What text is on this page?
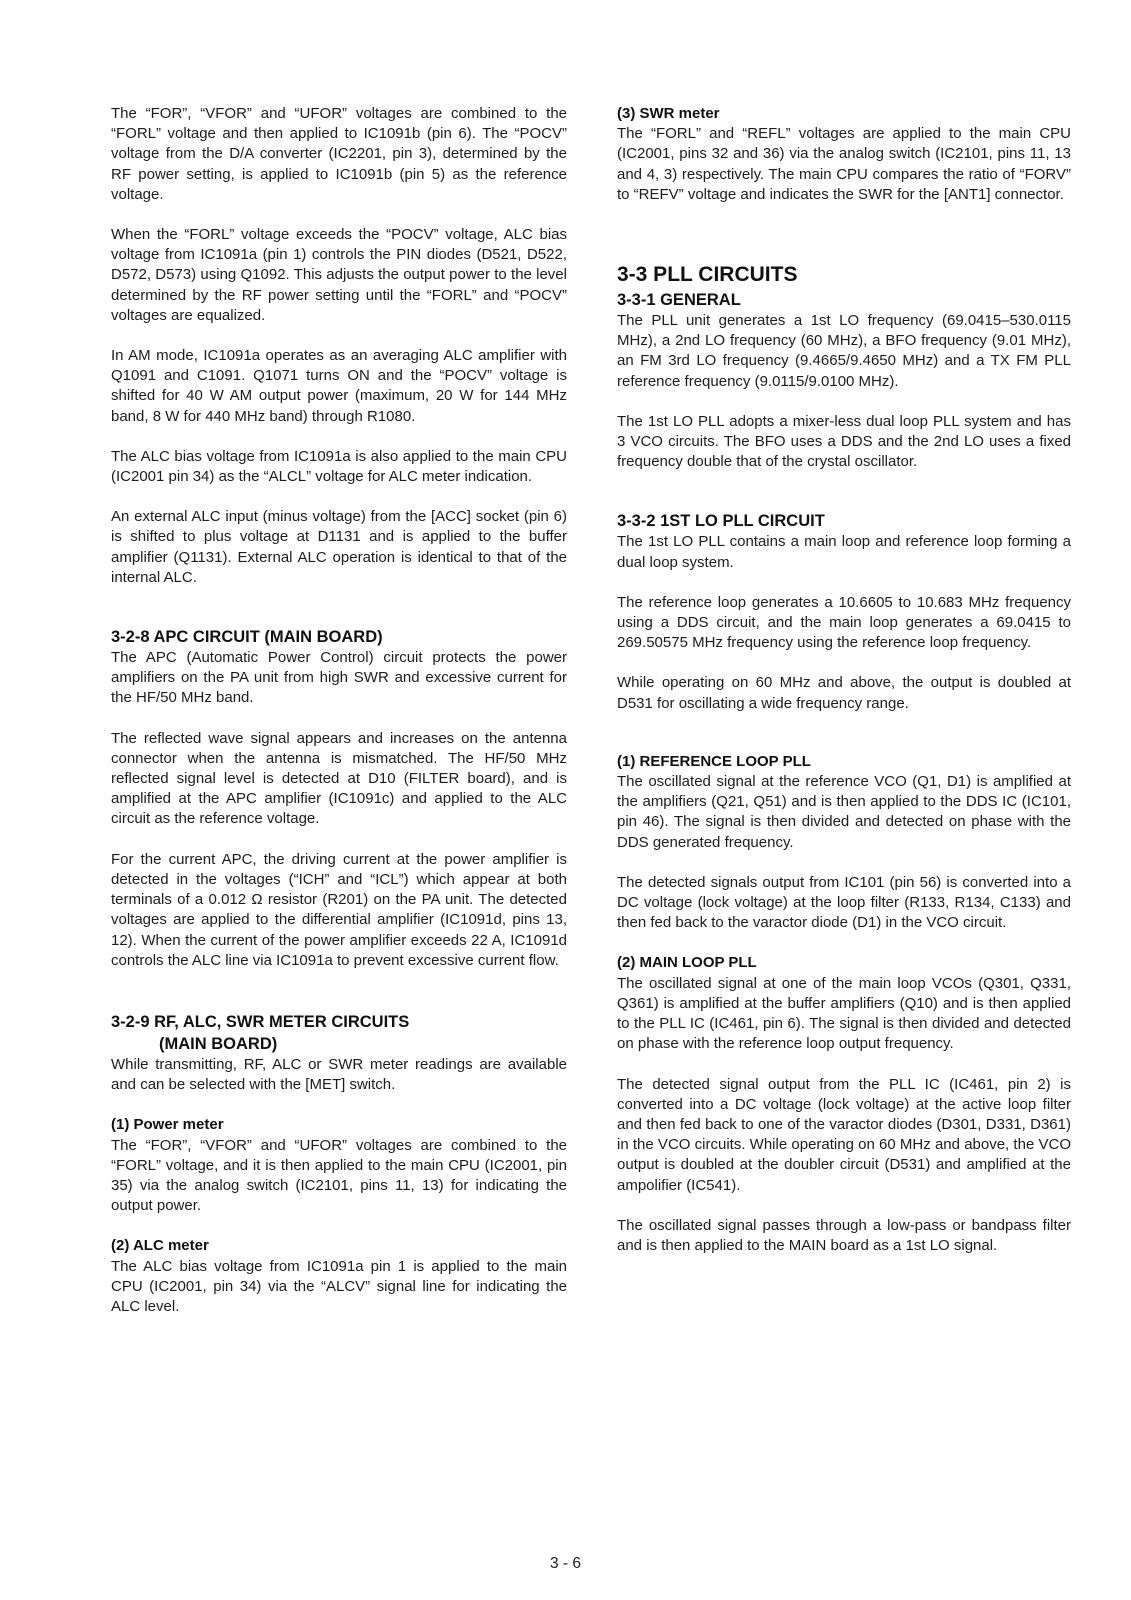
The “FOR”, “VFOR” and “UFOR” voltages are combined to the “FORL” voltage and then applied to IC1091b (pin 6). The “POCV” voltage from the D/A converter (IC2201, pin 3), determined by the RF power setting, is applied to IC1091b (pin 5) as the reference voltage.

When the “FORL” voltage exceeds the “POCV” voltage, ALC bias voltage from IC1091a (pin 1) controls the PIN diodes (D521, D522, D572, D573) using Q1092. This adjusts the output power to the level determined by the RF power setting until the “FORL” and “POCV” voltages are equalized.

In AM mode, IC1091a operates as an averaging ALC amplifier with Q1091 and C1091. Q1071 turns ON and the “POCV” voltage is shifted for 40 W AM output power (maximum, 20 W for 144 MHz band, 8 W for 440 MHz band) through R1080.

The ALC bias voltage from IC1091a is also applied to the main CPU (IC2001 pin 34) as the “ALCL” voltage for ALC meter indication.

An external ALC input (minus voltage) from the [ACC] socket (pin 6) is shifted to plus voltage at D1131 and is applied to the buffer amplifier (Q1131). External ALC operation is identical to that of the internal ALC.

3-2-8 APC CIRCUIT (MAIN BOARD)

The APC (Automatic Power Control) circuit protects the power amplifiers on the PA unit from high SWR and excessive current for the HF/50 MHz band.

The reflected wave signal appears and increases on the antenna connector when the antenna is mismatched. The HF/50 MHz reflected signal level is detected at D10 (FILTER board), and is amplified at the APC amplifier (IC1091c) and applied to the ALC circuit as the reference voltage.

For the current APC, the driving current at the power amplifier is detected in the voltages (“ICH” and “ICL”) which appear at both terminals of a 0.012 Ω resistor (R201) on the PA unit. The detected voltages are applied to the differential amplifier (IC1091d, pins 13, 12). When the current of the power amplifier exceeds 22 A, IC1091d controls the ALC line via IC1091a to prevent excessive current flow.

3-2-9 RF, ALC, SWR METER CIRCUITS
(MAIN BOARD)

While transmitting, RF, ALC or SWR meter readings are available and can be selected with the [MET] switch.

(1) Power meter

The “FOR”, “VFOR” and “UFOR” voltages are combined to the “FORL” voltage, and it is then applied to the main CPU (IC2001, pin 35) via the analog switch (IC2101, pins 11, 13) for indicating the output power.

(2) ALC meter

The ALC bias voltage from IC1091a pin 1 is applied to the main CPU (IC2001, pin 34) via the “ALCV” signal line for indicating the ALC level.

(3) SWR meter

The “FORL” and “REFL” voltages are applied to the main CPU (IC2001, pins 32 and 36) via the analog switch (IC2101, pins 11, 13 and 4, 3) respectively. The main CPU compares the ratio of “FORV” to “REFV” voltage and indicates the SWR for the [ANT1] connector.

3-3 PLL CIRCUITS
3-3-1 GENERAL

The PLL unit generates a 1st LO frequency (69.0415–530.0115 MHz), a 2nd LO frequency (60 MHz), a BFO frequency (9.01 MHz), an FM 3rd LO frequency (9.4665/9.4650 MHz) and a TX FM PLL reference frequency (9.0115/9.0100 MHz).

The 1st LO PLL adopts a mixer-less dual loop PLL system and has 3 VCO circuits. The BFO uses a DDS and the 2nd LO uses a fixed frequency double that of the crystal oscillator.

3-3-2 1ST LO PLL CIRCUIT

The 1st LO PLL contains a main loop and reference loop forming a dual loop system.

The reference loop generates a 10.6605 to 10.683 MHz frequency using a DDS circuit, and the main loop generates a 69.0415 to 269.50575 MHz frequency using the reference loop frequency.

While operating on 60 MHz and above, the output is doubled at D531 for oscillating a wide frequency range.

(1) REFERENCE LOOP PLL

The oscillated signal at the reference VCO (Q1, D1) is amplified at the amplifiers (Q21, Q51) and is then applied to the DDS IC (IC101, pin 46). The signal is then divided and detected on phase with the DDS generated frequency.

The detected signals output from IC101 (pin 56) is converted into a DC voltage (lock voltage) at the loop filter (R133, R134, C133) and then fed back to the varactor diode (D1) in the VCO circuit.

(2) MAIN LOOP PLL

The oscillated signal at one of the main loop VCOs (Q301, Q331, Q361) is amplified at the buffer amplifiers (Q10) and is then applied to the PLL IC (IC461, pin 6). The signal is then divided and detected on phase with the reference loop output frequency.

The detected signal output from the PLL IC (IC461, pin 2) is converted into a DC voltage (lock voltage) at the active loop filter and then fed back to one of the varactor diodes (D301, D331, D361) in the VCO circuits. While operating on 60 MHz and above, the VCO output is doubled at the doubler circuit (D531) and amplified at the ampolifier (IC541).

The oscillated signal passes through a low-pass or bandpass filter and is then applied to the MAIN board as a 1st LO signal.

3 - 6
